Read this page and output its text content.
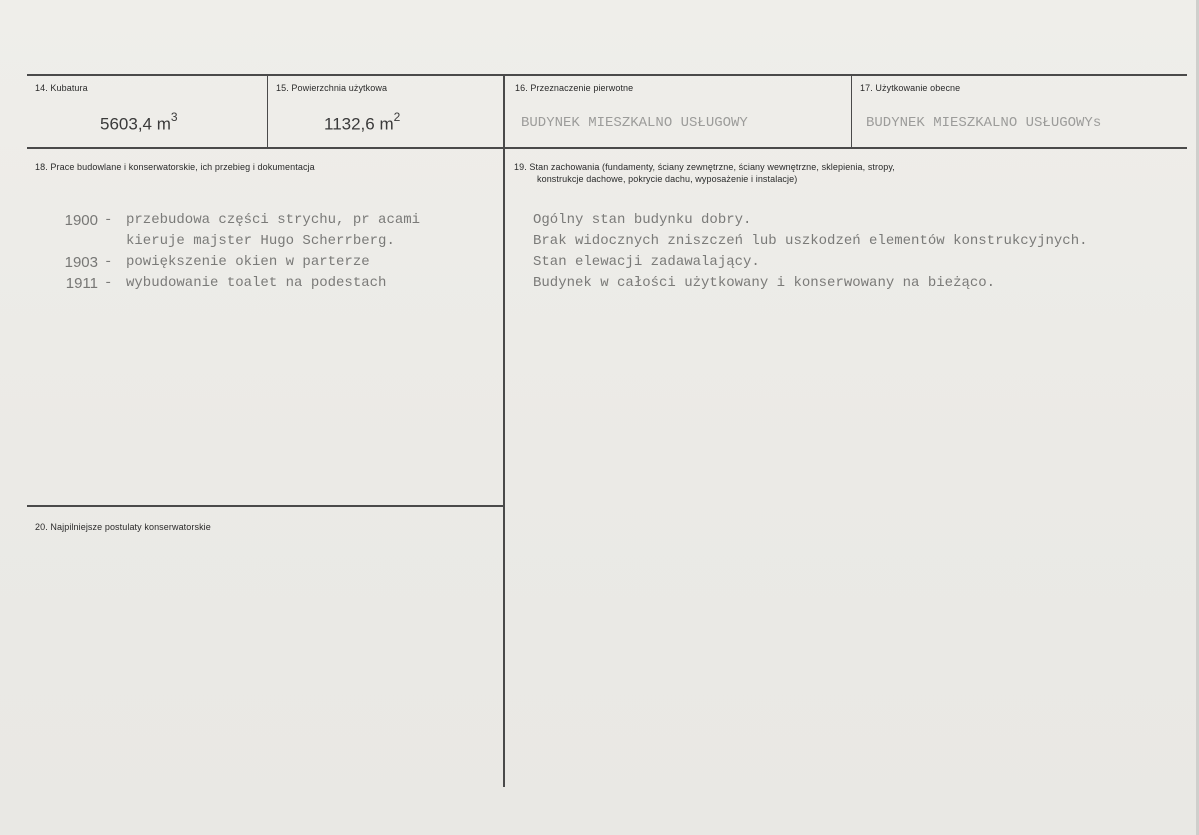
14. Kubatura
5603,4 $m^3$
15. Powierzchnia użytkowa
1132,6 $m^2$
16. Przeznaczenie pierwotne
BUDYNEK MIESZKALNO USŁUGOWY
17. Użytkowanie obecne
BUDYNEK MIESZKALNO USŁUGOWYs
18. Prace budowlane i konserwatorskie, ich przebieg i dokumentacja
1900 - przebudowa części strychu, pr acami
kieruje majster Hugo Scherrberg.
1903 - powiększenie okien w parterze
1911 - wybudowanie toalet na podestach
19. Stan zachowania (fundamenty, ściany zewnętrzne, ściany wewnętrzne, sklepienia, stropy,
konstrukcje dachowe, pokrycie dachu, wyposażenie i instalacje)
Ogólny stan budynku dobry.
Brak widocznych zniszczeń lub uszkodzeń elementów konstrukcyjnych.
Stan elewacji zadawalający.
Budynek w całości użytkowany i konserwowany na bieżąco.
20. Najpilniejsze postulaty konserwatorskie
